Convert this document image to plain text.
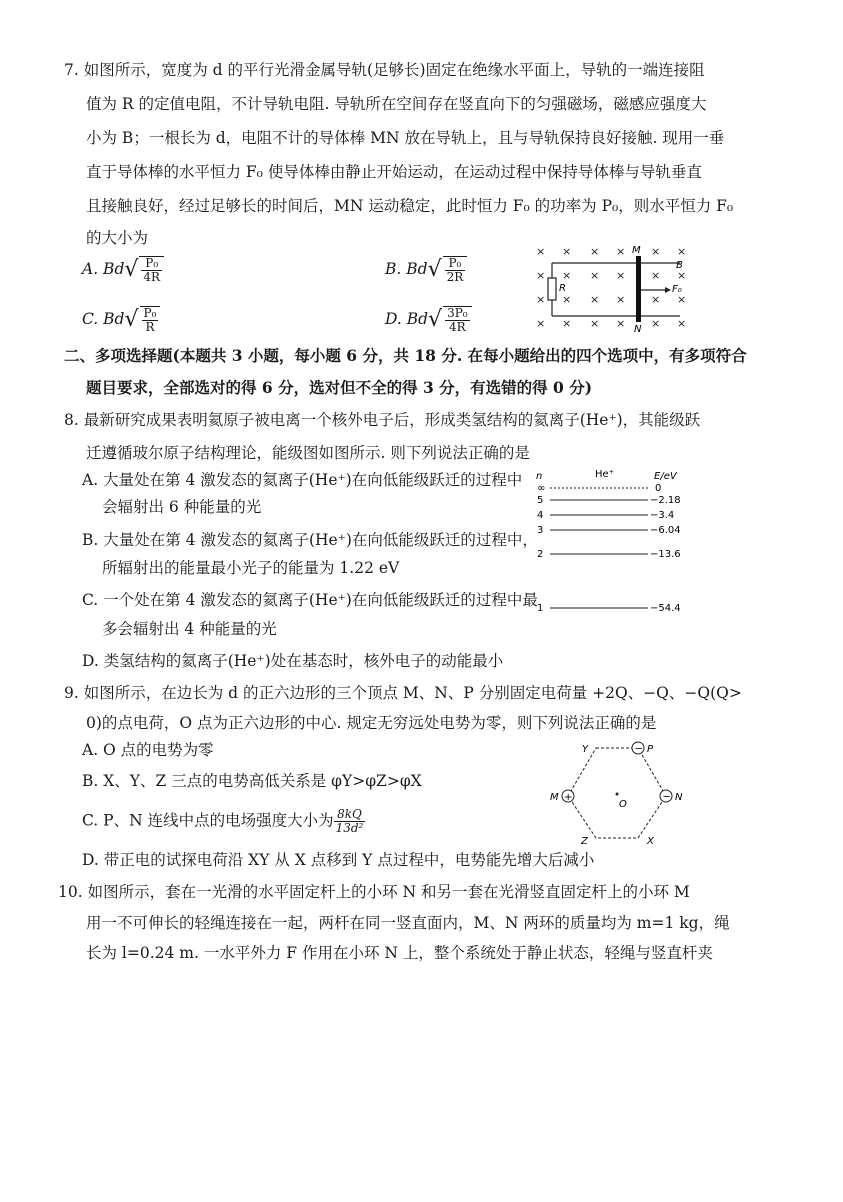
7. 如图所示，宽度为 d 的平行光滑金属导轨(足够长)固定在绝缘水平面上，导轨的一端连接阻
值为 R 的定值电阻，不计导轨电阻. 导轨所在空间存在竖直向下的匀强磁场，磁感应强度大
小为 B；一根长为 d，电阻不计的导体棒 MN 放在导轨上，且与导轨保持良好接触. 现用一垂
直于导体棒的水平恒力 F₀ 使导体棒由静止开始运动，在运动过程中保持导体棒与导轨垂直
且接触良好，经过足够长的时间后，MN 运动稳定，此时恒力 F₀ 的功率为 P₀，则水平恒力 F₀
的大小为
A. $Bd√ \frac{\text{P₀}}{4R}$	B. $Bd√ \frac{\text{P₀}}{2R}$
C. $Bd√ \frac{\text{P₀}}{R}$	D. $Bd√ \frac{\text{3P₀}}{4R}$
× × × × × ×
× × × × × ×
× × × × × ×
× × × × × ×
R
M
N
B
F₀
二、多项选择题(本题共 3 小题，每小题 6 分，共 18 分. 在每小题给出的四个选项中，有多项符合
题目要求，全部选对的得 6 分，选对但不全的得 3 分，有选错的得 0 分)
8. 最新研究成果表明氦原子被电离一个核外电子后，形成类氢结构的氦离子(He⁺)，其能级跃
迁遵循玻尔原子结构理论，能级图如图所示. 则下列说法正确的是
A. 大量处在第 4 激发态的氦离子(He⁺)在向低能级跃迁的过程中
会辐射出 6 种能量的光
B. 大量处在第 4 激发态的氦离子(He⁺)在向低能级跃迁的过程中，
所辐射出的能量最小光子的能量为 1.22 eV
C. 一个处在第 4 激发态的氦离子(He⁺)在向低能级跃迁的过程中最
多会辐射出 4 种能量的光
D. 类氢结构的氦离子(He⁺)处在基态时，核外电子的动能最小
n	He⁺	E/eV
∞	0
5	−2.18
4	−3.4
3	−6.04
2	−13.6
1	−54.4
9. 如图所示，在边长为 d 的正六边形的三个顶点 M、N、P 分别固定电荷量 +2Q、−Q、−Q(Q>
0)的点电荷，O 点为正六边形的中心. 规定无穷远处电势为零，则下列说法正确的是
A. O 点的电势为零
B. X、Y、Z 三点的电势高低关系是 φY>φZ>φX
C. P、N 连线中点的电场强度大小为 $\frac{8kQ}{\text{13d²}}$
D. 带正电的试探电荷沿 XY 从 X 点移到 Y 点过程中，电势能先增大后减小
−
+	−
Y	P
M
O
N
Z	X
10. 如图所示，套在一光滑的水平固定杆上的小环 N 和另一套在光滑竖直固定杆上的小环 M
用一不可伸长的轻绳连接在一起，两杆在同一竖直面内，M、N 两环的质量均为 m=1 kg，绳
长为 l=0.24 m. 一水平外力 F 作用在小环 N 上，整个系统处于静止状态，轻绳与竖直杆夹
